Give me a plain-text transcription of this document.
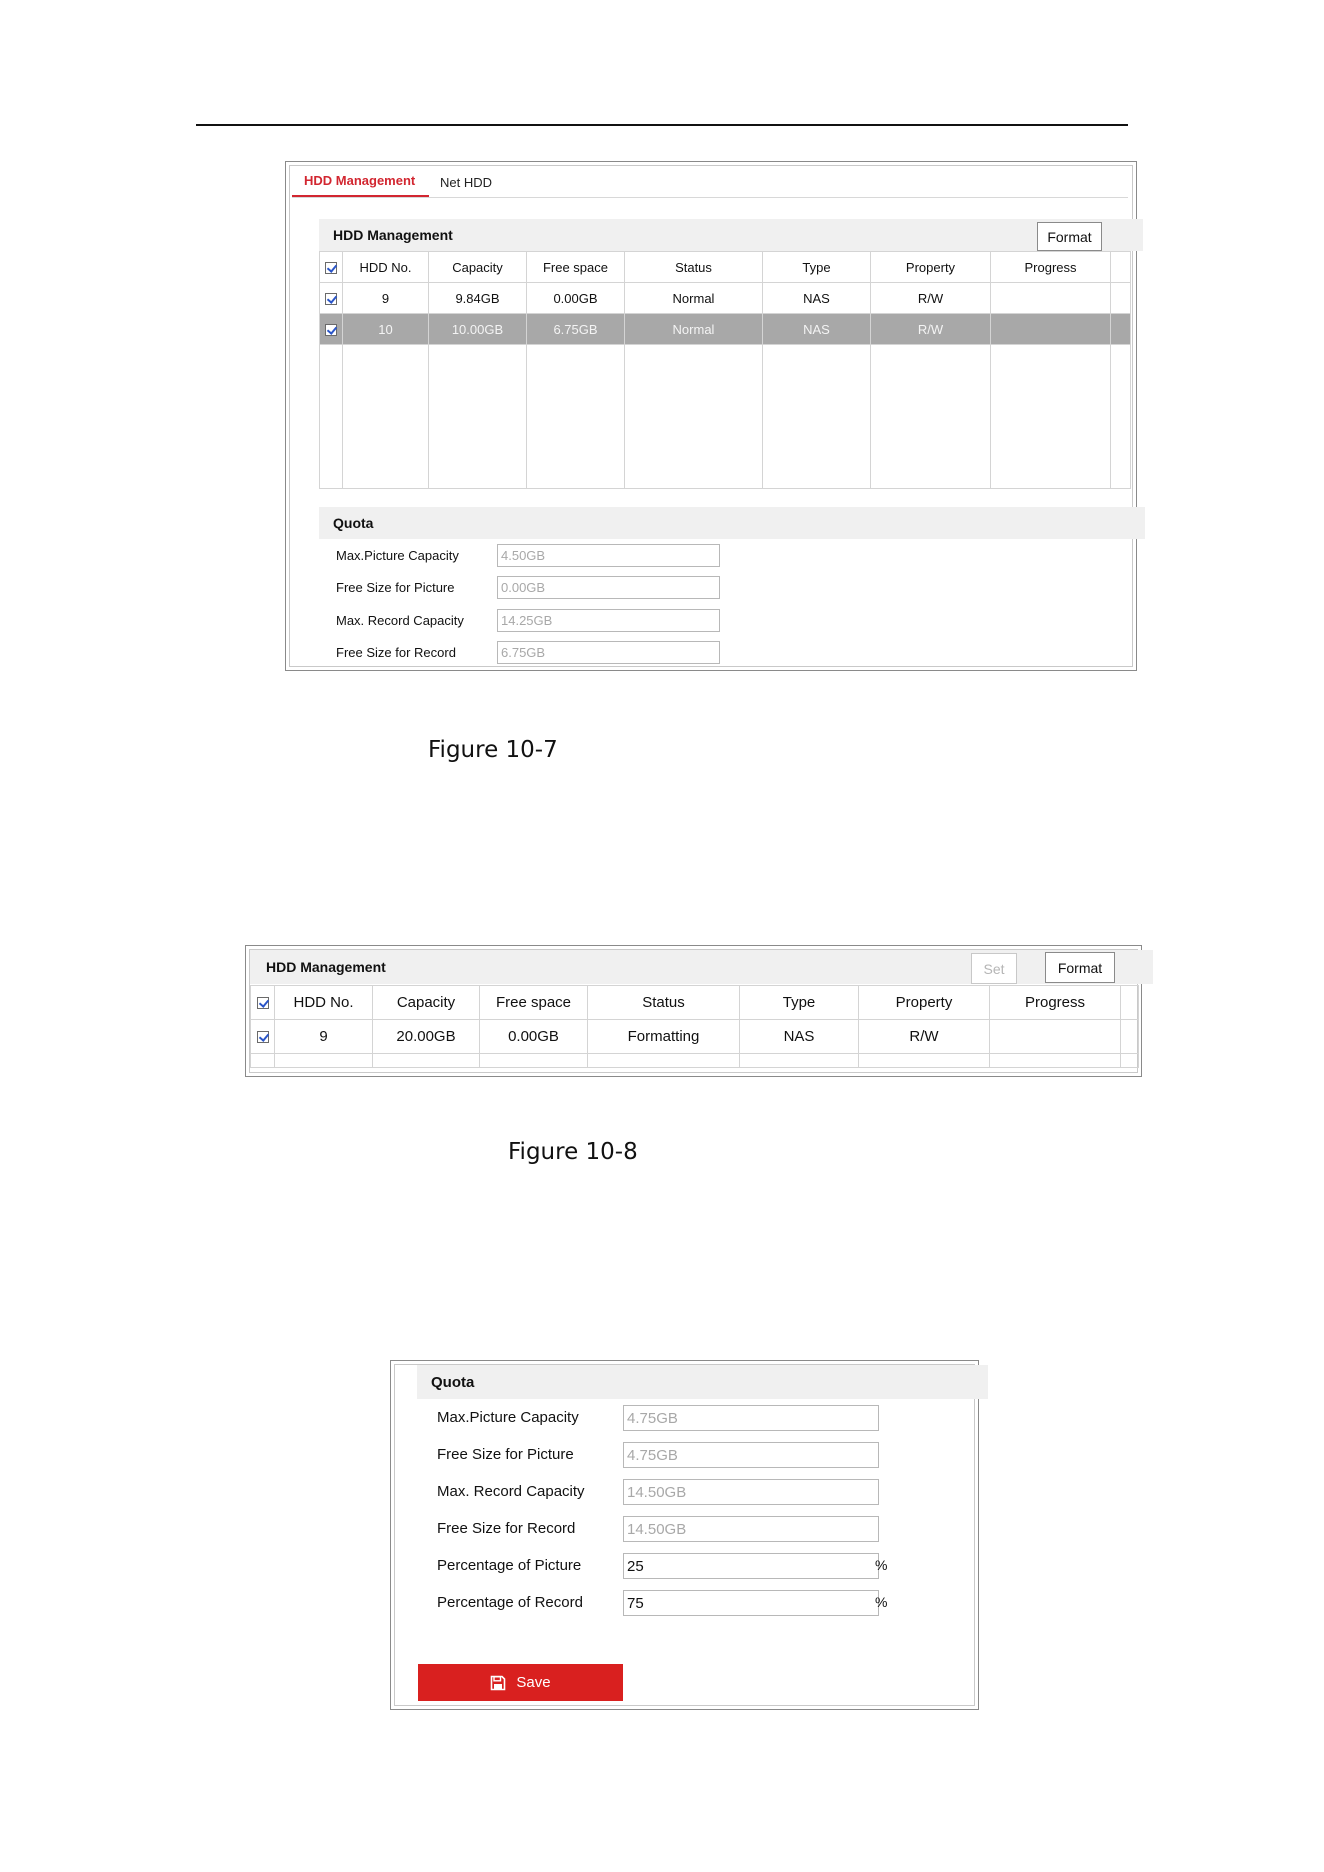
HDD Management Net HDD
HDD Management	Format
	HDD No.	Capacity	Free space	Status	Type	Property	Progress	
	9	9.84GB	0.00GB	Normal	NAS	R/W		
	10	10.00GB	6.75GB	Normal	NAS	R/W		

Quota
Max.Picture Capacity	4.50GB
Free Size for Picture	0.00GB
Max. Record Capacity	14.25GB
Free Size for Record	6.75GB
Figure 10-7
HDD Management	Set	Format
	HDD No.	Capacity	Free space	Status	Type	Property	Progress	
	9	20.00GB	0.00GB	Formatting	NAS	R/W		

Figure 10-8
Quota
Max.Picture Capacity	4.75GB
Free Size for Picture	4.75GB
Max. Record Capacity	14.50GB
Free Size for Record	14.50GB
Percentage of Picture	25	%
Percentage of Record	75	%
Save
